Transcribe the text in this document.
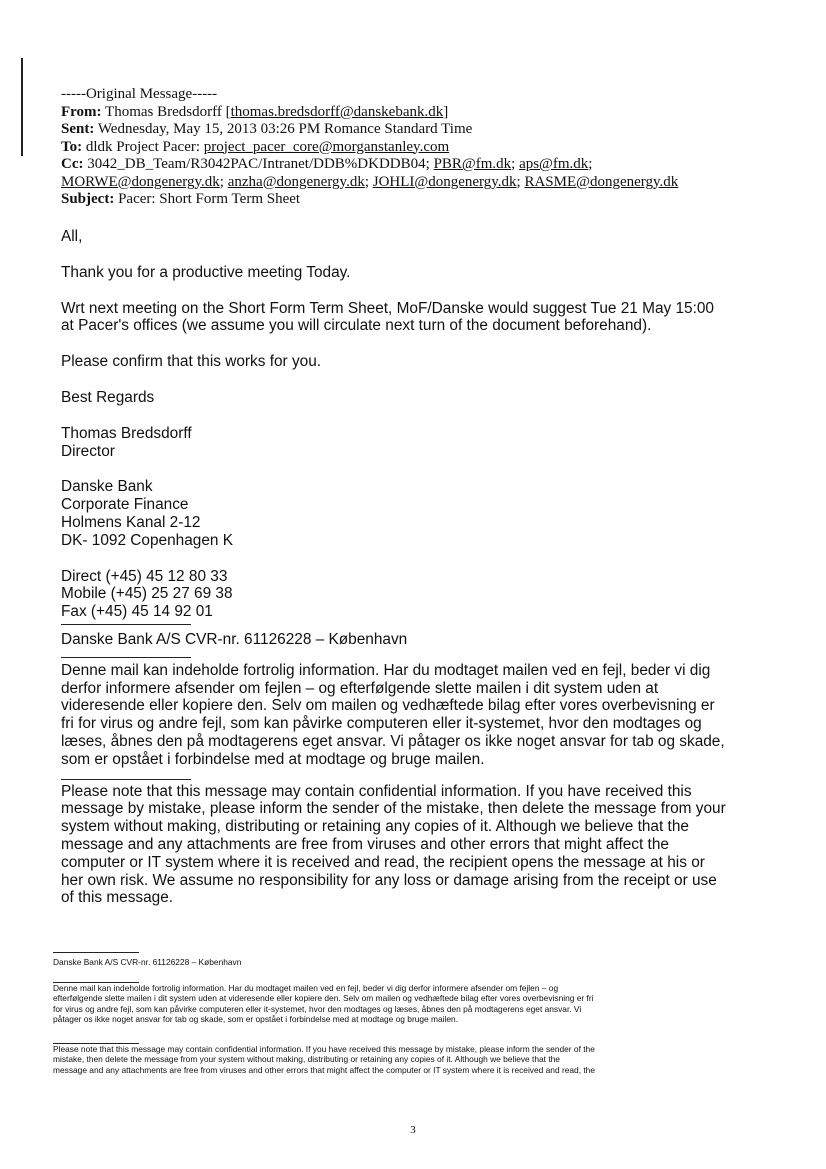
-----Original Message-----
From: Thomas Bredsdorff [thomas.bredsdorff@danskebank.dk]
Sent: Wednesday, May 15, 2013 03:26 PM Romance Standard Time
To: dldk Project Pacer: project_pacer_core@morganstanley.com
Cc: 3042_DB_Team/R3042PAC/Intranet/DDB%DKDDB04; PBR@fm.dk; aps@fm.dk;
MORWE@dongenergy.dk; anzha@dongenergy.dk; JOHLI@dongenergy.dk; RASME@dongenergy.dk
Subject: Pacer: Short Form Term Sheet

All,

Thank you for a productive meeting Today.

Wrt next meeting on the Short Form Term Sheet, MoF/Danske would suggest Tue 21 May 15:00
at Pacer's offices (we assume you will circulate next turn of the document beforehand).

Please confirm that this works for you.

Best Regards

Thomas Bredsdorff
Director
Danske Bank
Corporate Finance
Holmens Kanal 2-12
DK- 1092 Copenhagen K
Direct (+45) 45 12 80 33
Mobile (+45) 25 27 69 38
Fax (+45) 45 14 92 01
Danske Bank A/S CVR-nr. 61126228 – København
Denne mail kan indeholde fortrolig information. Har du modtaget mailen ved en fejl, beder vi dig
derfor informere afsender om fejlen – og efterfølgende slette mailen i dit system uden at
videresende eller kopiere den. Selv om mailen og vedhæftede bilag efter vores overbevisning er
fri for virus og andre fejl, som kan påvirke computeren eller it-systemet, hvor den modtages og
læses, åbnes den på modtagerens eget ansvar. Vi påtager os ikke noget ansvar for tab og skade,
som er opstået i forbindelse med at modtage og bruge mailen.
Please note that this message may contain confidential information. If you have received this
message by mistake, please inform the sender of the mistake, then delete the message from your
system without making, distributing or retaining any copies of it. Although we believe that the
message and any attachments are free from viruses and other errors that might affect the
computer or IT system where it is received and read, the recipient opens the message at his or
her own risk. We assume no responsibility for any loss or damage arising from the receipt or use
of this message.
Danske Bank A/S CVR-nr. 61126228 – København
Denne mail kan indeholde fortrolig information. Har du modtaget mailen ved en fejl, beder vi dig derfor informere afsender om fejlen – og
efterfølgende slette mailen i dit system uden at videresende eller kopiere den. Selv om mailen og vedhæftede bilag efter vores overbevisning er fri
for virus og andre fejl, som kan påvirke computeren eller it-systemet, hvor den modtages og læses, åbnes den på modtagerens eget ansvar. Vi
påtager os ikke noget ansvar for tab og skade, som er opstået i forbindelse med at modtage og bruge mailen.
Please note that this message may contain confidential information. If you have received this message by mistake, please inform the sender of the
mistake, then delete the message from your system without making, distributing or retaining any copies of it. Although we believe that the
message and any attachments are free from viruses and other errors that might affect the computer or IT system where it is received and read, the
3
